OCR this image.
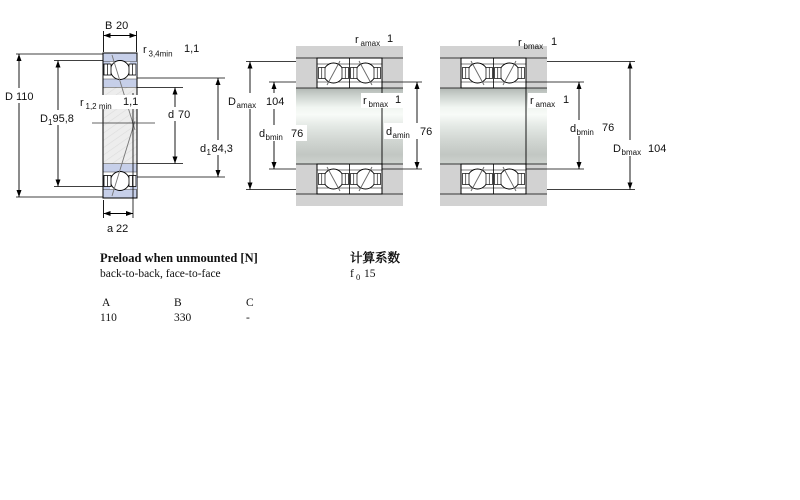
B 20
r 3,4min 1,1
D 110
D 1 95,8
r 1,2 min 1,1
d 70
d 1 84,3
a 22
r amax 1
D amax 104
d bmin 76
r bmax 1
d amin 76
r bmax 1
r amax 1
d bmin 76
D bmax 104
Preload when unmounted [N]
back-to-back, face-to-face
A	B	C
110	330	-
计算系数
f 0 15
